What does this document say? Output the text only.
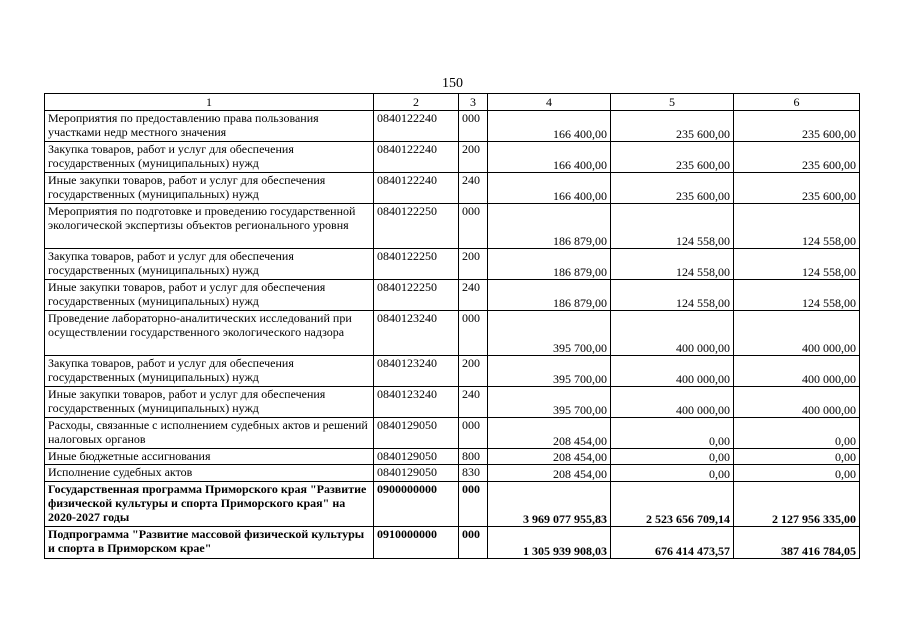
150
1	2	3	4	5	6
Мероприятия по предоставлению права пользования участками недр местного значения	0840122240	000	166 400,00	235 600,00	235 600,00
Закупка товаров, работ и услуг для обеспечения государственных (муниципальных) нужд	0840122240	200	166 400,00	235 600,00	235 600,00
Иные закупки товаров, работ и услуг для обеспечения государственных (муниципальных) нужд	0840122240	240	166 400,00	235 600,00	235 600,00
Мероприятия по подготовке и проведению государственной экологической экспертизы объектов регионального уровня	0840122250	000	186 879,00	124 558,00	124 558,00
Закупка товаров, работ и услуг для обеспечения государственных (муниципальных) нужд	0840122250	200	186 879,00	124 558,00	124 558,00
Иные закупки товаров, работ и услуг для обеспечения государственных (муниципальных) нужд	0840122250	240	186 879,00	124 558,00	124 558,00
Проведение лабораторно-аналитических исследований при осуществлении государственного экологического надзора	0840123240	000	395 700,00	400 000,00	400 000,00
Закупка товаров, работ и услуг для обеспечения государственных (муниципальных) нужд	0840123240	200	395 700,00	400 000,00	400 000,00
Иные закупки товаров, работ и услуг для обеспечения государственных (муниципальных) нужд	0840123240	240	395 700,00	400 000,00	400 000,00
Расходы, связанные с исполнением судебных актов и решений налоговых органов	0840129050	000	208 454,00	0,00	0,00
Иные бюджетные ассигнования	0840129050	800	208 454,00	0,00	0,00
Исполнение судебных актов	0840129050	830	208 454,00	0,00	0,00
Государственная программа Приморского края "Развитие физической культуры и спорта Приморского края" на 2020-2027 годы	0900000000	000	3 969 077 955,83	2 523 656 709,14	2 127 956 335,00
Подпрограмма "Развитие массовой физической культуры и спорта в Приморском крае"	0910000000	000	1 305 939 908,03	676 414 473,57	387 416 784,05
